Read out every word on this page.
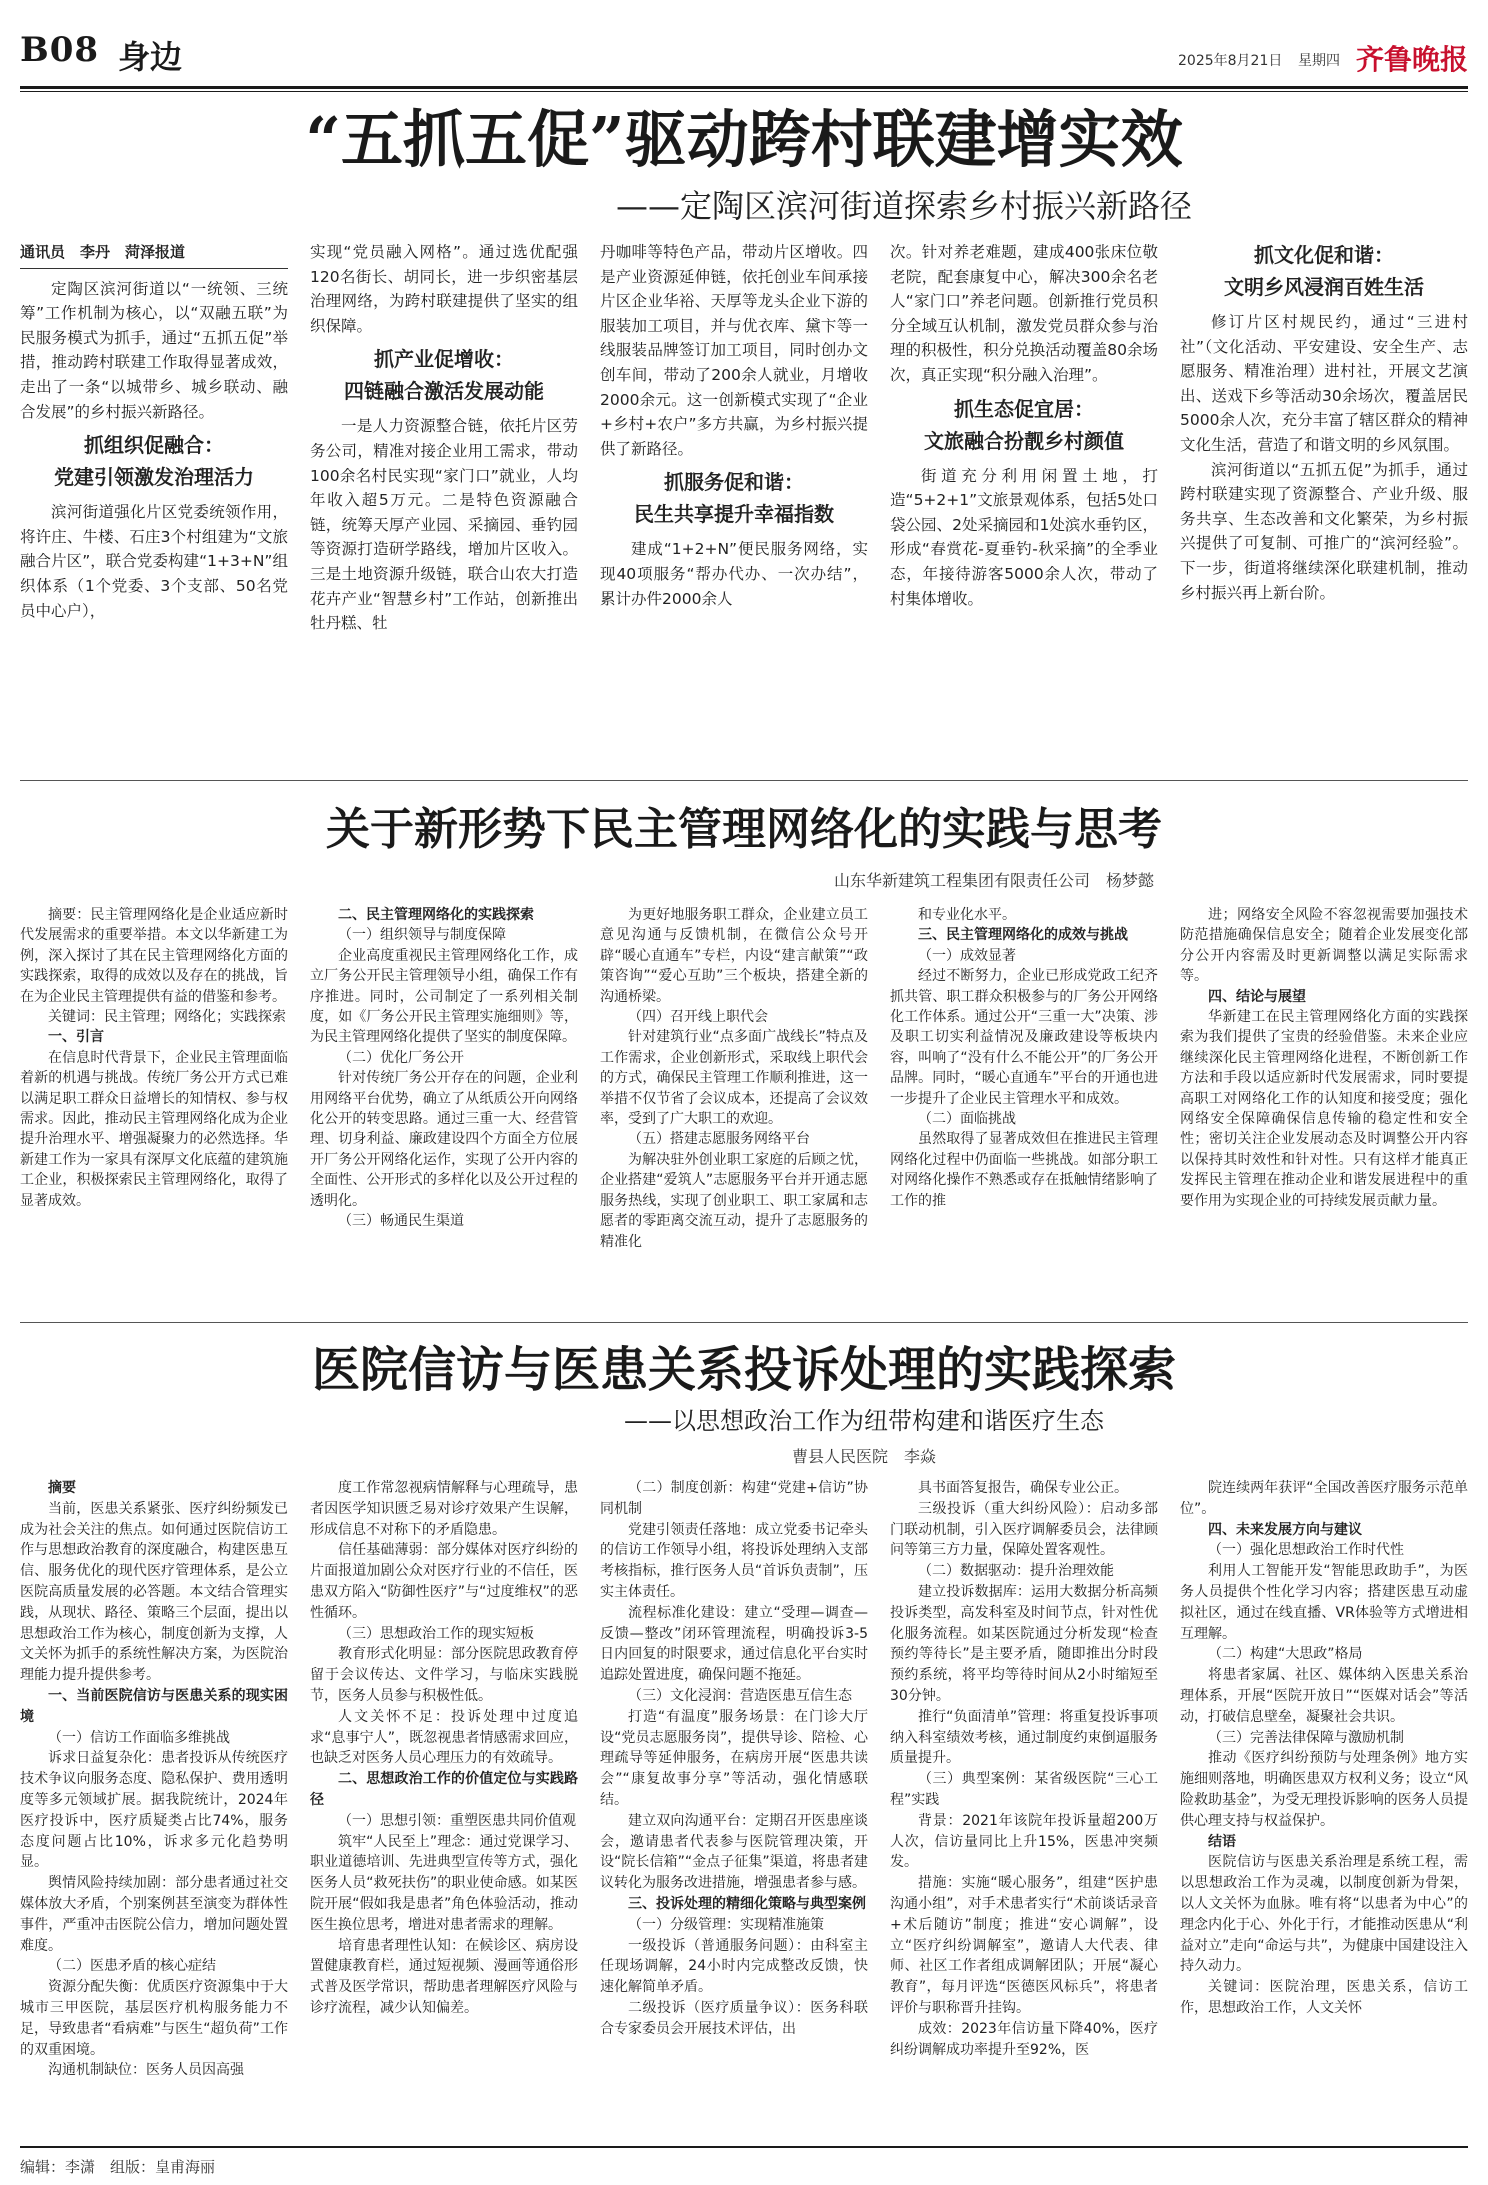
B08 身边	2025年8月21日 星期四 齐鲁晚报
“五抓五促”驱动跨村联建增实效
——定陶区滨河街道探索乡村振兴新路径
通讯员　李丹　菏泽报道

定陶区滨河街道以“一统领、三统筹”工作机制为核心，以“双融五联”为民服务模式为抓手，通过“五抓五促”举措，推动跨村联建工作取得显著成效，走出了一条“以城带乡、城乡联动、融合发展”的乡村振兴新路径。

抓组织促融合：
党建引领激发治理活力

滨河街道强化片区党委统领作用，将许庄、牛楼、石庄3个村组建为“文旅融合片区”，联合党委构建“1+3+N”组织体系（1个党委、3个支部、50名党员中心户），

实现“党员融入网格”。通过选优配强120名街长、胡同长，进一步织密基层治理网络，为跨村联建提供了坚实的组织保障。

抓产业促增收：
四链融合激活发展动能

一是人力资源整合链，依托片区劳务公司，精准对接企业用工需求，带动100余名村民实现“家门口”就业，人均年收入超5万元。二是特色资源融合链，统筹天厚产业园、采摘园、垂钓园等资源打造研学路线，增加片区收入。三是土地资源升级链，联合山农大打造花卉产业“智慧乡村”工作站，创新推出牡丹糕、牡

丹咖啡等特色产品，带动片区增收。四是产业资源延伸链，依托创业车间承接片区企业华裕、天厚等龙头企业下游的服装加工项目，并与优衣库、黛卞等一线服装品牌签订加工项目，同时创办文创车间，带动了200余人就业，月增收2000余元。这一创新模式实现了“企业+乡村+农户”多方共赢，为乡村振兴提供了新路径。

抓服务促和谐：
民生共享提升幸福指数

建成“1+2+N”便民服务网络，实现40项服务“帮办代办、一次办结”，累计办件2000余人

次。针对养老难题，建成400张床位敬老院，配套康复中心，解决300余名老人“家门口”养老问题。创新推行党员积分全域互认机制，激发党员群众参与治理的积极性，积分兑换活动覆盖80余场次，真正实现“积分融入治理”。

抓生态促宜居：
文旅融合扮靓乡村颜值

街道充分利用闲置土地，打造“5+2+1”文旅景观体系，包括5处口袋公园、2处采摘园和1处滨水垂钓区，形成“春赏花-夏垂钓-秋采摘”的全季业态，年接待游客5000余人次，带动了村集体增收。

抓文化促和谐：
文明乡风浸润百姓生活

修订片区村规民约，通过“三进村社”（文化活动、平安建设、安全生产、志愿服务、精准治理）进村社，开展文艺演出、送戏下乡等活动30余场次，覆盖居民5000余人次，充分丰富了辖区群众的精神文化生活，营造了和谐文明的乡风氛围。

滨河街道以“五抓五促”为抓手，通过跨村联建实现了资源整合、产业升级、服务共享、生态改善和文化繁荣，为乡村振兴提供了可复制、可推广的“滨河经验”。下一步，街道将继续深化联建机制，推动乡村振兴再上新台阶。

关于新形势下民主管理网络化的实践与思考
山东华新建筑工程集团有限责任公司　杨梦懿

摘要：民主管理网络化是企业适应新时代发展需求的重要举措。本文以华新建工为例，深入探讨了其在民主管理网络化方面的实践探索，取得的成效以及存在的挑战，旨在为企业民主管理提供有益的借鉴和参考。

关键词：民主管理；网络化；实践探索

一、引言

在信息时代背景下，企业民主管理面临着新的机遇与挑战。传统厂务公开方式已难以满足职工群众日益增长的知情权、参与权需求。因此，推动民主管理网络化成为企业提升治理水平、增强凝聚力的必然选择。华新建工作为一家具有深厚文化底蕴的建筑施工企业，积极探索民主管理网络化，取得了显著成效。

二、民主管理网络化的实践探索

（一）组织领导与制度保障

企业高度重视民主管理网络化工作，成立厂务公开民主管理领导小组，确保工作有序推进。同时，公司制定了一系列相关制度，如《厂务公开民主管理实施细则》等，为民主管理网络化提供了坚实的制度保障。

（二）优化厂务公开

针对传统厂务公开存在的问题，企业利用网络平台优势，确立了从纸质公开向网络化公开的转变思路。通过三重一大、经营管理、切身利益、廉政建设四个方面全方位展开厂务公开网络化运作，实现了公开内容的全面性、公开形式的多样化以及公开过程的透明化。

（三）畅通民生渠道

为更好地服务职工群众，企业建立员工意见沟通与反馈机制，在微信公众号开辟“暖心直通车”专栏，内设“建言献策”“政策咨询”“爱心互助”三个板块，搭建全新的沟通桥梁。

（四）召开线上职代会

针对建筑行业“点多面广战线长”特点及工作需求，企业创新形式，采取线上职代会的方式，确保民主管理工作顺利推进，这一举措不仅节省了会议成本，还提高了会议效率，受到了广大职工的欢迎。

（五）搭建志愿服务网络平台

为解决驻外创业职工家庭的后顾之忧，企业搭建“爱筑人”志愿服务平台并开通志愿服务热线，实现了创业职工、职工家属和志愿者的零距离交流互动，提升了志愿服务的精准化

和专业化水平。

三、民主管理网络化的成效与挑战

（一）成效显著

经过不断努力，企业已形成党政工纪齐抓共管、职工群众积极参与的厂务公开网络化工作体系。通过公开“三重一大”决策、涉及职工切实利益情况及廉政建设等板块内容，叫响了“没有什么不能公开”的厂务公开品牌。同时，“暖心直通车”平台的开通也进一步提升了企业民主管理水平和成效。

（二）面临挑战

虽然取得了显著成效但在推进民主管理网络化过程中仍面临一些挑战。如部分职工对网络化操作不熟悉或存在抵触情绪影响了工作的推

进；网络安全风险不容忽视需要加强技术防范措施确保信息安全；随着企业发展变化部分公开内容需及时更新调整以满足实际需求等。

四、结论与展望

华新建工在民主管理网络化方面的实践探索为我们提供了宝贵的经验借鉴。未来企业应继续深化民主管理网络化进程，不断创新工作方法和手段以适应新时代发展需求，同时要提高职工对网络化工作的认知度和接受度；强化网络安全保障确保信息传输的稳定性和安全性；密切关注企业发展动态及时调整公开内容以保持其时效性和针对性。只有这样才能真正发挥民主管理在推动企业和谐发展进程中的重要作用为实现企业的可持续发展贡献力量。

医院信访与医患关系投诉处理的实践探索
——以思想政治工作为纽带构建和谐医疗生态
曹县人民医院　李焱

摘要

当前，医患关系紧张、医疗纠纷频发已成为社会关注的焦点。如何通过医院信访工作与思想政治教育的深度融合，构建医患互信、服务优化的现代医疗管理体系，是公立医院高质量发展的必答题。本文结合管理实践，从现状、路径、策略三个层面，提出以思想政治工作为核心，制度创新为支撑，人文关怀为抓手的系统性解决方案，为医院治理能力提升提供参考。

一、当前医院信访与医患关系的现实困境

（一）信访工作面临多维挑战

诉求日益复杂化：患者投诉从传统医疗技术争议向服务态度、隐私保护、费用透明度等多元领域扩展。据我院统计，2024年医疗投诉中，医疗质疑类占比74%，服务态度问题占比10%，诉求多元化趋势明显。

舆情风险持续加剧：部分患者通过社交媒体放大矛盾，个别案例甚至演变为群体性事件，严重冲击医院公信力，增加问题处置难度。

（二）医患矛盾的核心症结

资源分配失衡：优质医疗资源集中于大城市三甲医院，基层医疗机构服务能力不足，导致患者“看病难”与医生“超负荷”工作的双重困境。

沟通机制缺位：医务人员因高强

度工作常忽视病情解释与心理疏导，患者因医学知识匮乏易对诊疗效果产生误解，形成信息不对称下的矛盾隐患。

信任基础薄弱：部分媒体对医疗纠纷的片面报道加剧公众对医疗行业的不信任，医患双方陷入“防御性医疗”与“过度维权”的恶性循环。

（三）思想政治工作的现实短板

教育形式化明显：部分医院思政教育停留于会议传达、文件学习，与临床实践脱节，医务人员参与积极性低。

人文关怀不足：投诉处理中过度追求“息事宁人”，既忽视患者情感需求回应，也缺乏对医务人员心理压力的有效疏导。

二、思想政治工作的价值定位与实践路径

（一）思想引领：重塑医患共同价值观

筑牢“人民至上”理念：通过党课学习、职业道德培训、先进典型宣传等方式，强化医务人员“救死扶伤”的职业使命感。如某医院开展“假如我是患者”角色体验活动，推动医生换位思考，增进对患者需求的理解。

培育患者理性认知：在候诊区、病房设置健康教育栏，通过短视频、漫画等通俗形式普及医学常识，帮助患者理解医疗风险与诊疗流程，减少认知偏差。

（二）制度创新：构建“党建+信访”协同机制

党建引领责任落地：成立党委书记牵头的信访工作领导小组，将投诉处理纳入支部考核指标，推行医务人员“首诉负责制”，压实主体责任。

流程标准化建设：建立“受理—调查—反馈—整改”闭环管理流程，明确投诉3-5日内回复的时限要求，通过信息化平台实时追踪处置进度，确保问题不拖延。

（三）文化浸润：营造医患互信生态

打造“有温度”服务场景：在门诊大厅设“党员志愿服务岗”，提供导诊、陪检、心理疏导等延伸服务，在病房开展“医患共读会”“康复故事分享”等活动，强化情感联结。

建立双向沟通平台：定期召开医患座谈会，邀请患者代表参与医院管理决策，开设“院长信箱”“金点子征集”渠道，将患者建议转化为服务改进措施，增强患者参与感。

三、投诉处理的精细化策略与典型案例

（一）分级管理：实现精准施策

一级投诉（普通服务问题）：由科室主任现场调解，24小时内完成整改反馈，快速化解简单矛盾。

二级投诉（医疗质量争议）：医务科联合专家委员会开展技术评估，出

具书面答复报告，确保专业公正。

三级投诉（重大纠纷风险）：启动多部门联动机制，引入医疗调解委员会，法律顾问等第三方力量，保障处置客观性。

（二）数据驱动：提升治理效能

建立投诉数据库：运用大数据分析高频投诉类型，高发科室及时间节点，针对性优化服务流程。如某医院通过分析发现“检查预约等待长”是主要矛盾，随即推出分时段预约系统，将平均等待时间从2小时缩短至30分钟。

推行“负面清单”管理：将重复投诉事项纳入科室绩效考核，通过制度约束倒逼服务质量提升。

（三）典型案例：某省级医院“三心工程”实践

背景：2021年该院年投诉量超200万人次，信访量同比上升15%，医患冲突频发。

措施：实施“暖心服务”，组建“医护患沟通小组”，对手术患者实行“术前谈话录音+术后随访”制度；推进“安心调解”，设立“医疗纠纷调解室”，邀请人大代表、律师、社区工作者组成调解团队；开展“凝心教育”，每月评选“医德医风标兵”，将患者评价与职称晋升挂钩。

成效：2023年信访量下降40%，医疗纠纷调解成功率提升至92%，医

院连续两年获评“全国改善医疗服务示范单位”。

四、未来发展方向与建议

（一）强化思想政治工作时代性

利用人工智能开发“智能思政助手”，为医务人员提供个性化学习内容；搭建医患互动虚拟社区，通过在线直播、VR体验等方式增进相互理解。

（二）构建“大思政”格局

将患者家属、社区、媒体纳入医患关系治理体系，开展“医院开放日”“医媒对话会”等活动，打破信息壁垒，凝聚社会共识。

（三）完善法律保障与激励机制

推动《医疗纠纷预防与处理条例》地方实施细则落地，明确医患双方权利义务；设立“风险救助基金”，为受无理投诉影响的医务人员提供心理支持与权益保护。

结语

医院信访与医患关系治理是系统工程，需以思想政治工作为灵魂，以制度创新为骨架，以人文关怀为血脉。唯有将“以患者为中心”的理念内化于心、外化于行，才能推动医患从“利益对立”走向“命运与共”，为健康中国建设注入持久动力。

关键词：医院治理，医患关系，信访工作，思想政治工作，人文关怀

编辑：李潇　组版：皇甫海丽
